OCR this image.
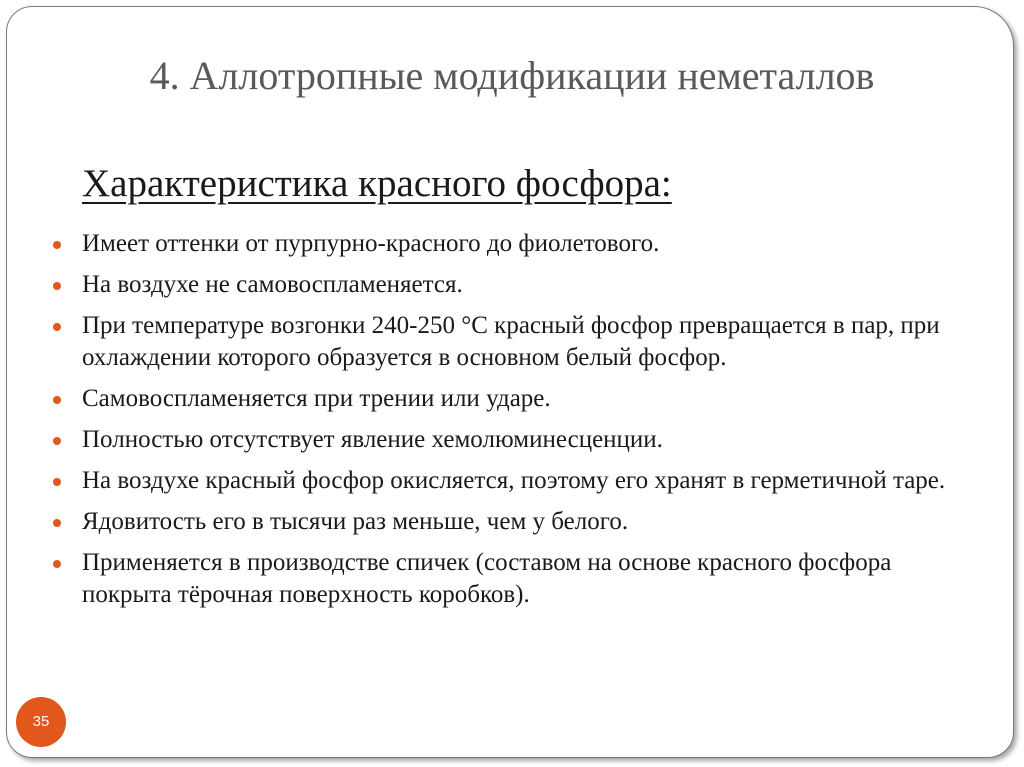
4. Аллотропные модификации неметаллов
Характеристика красного фосфора:
Имеет оттенки от пурпурно-красного до фиолетового.
На воздухе не самовоспламеняется.
При температуре возгонки 240-250 °C красный фосфор превращается в пар, при охлаждении которого образуется в основном белый фосфор.
Самовоспламеняется при трении или ударе.
Полностью отсутствует явление хемолюминесценции.
На воздухе красный фосфор окисляется, поэтому его хранят в герметичной таре.
Ядовитость его в тысячи раз меньше, чем у белого.
Применяется в производстве спичек (составом на основе красного фосфора покрыта тёрочная поверхность коробков).
35
